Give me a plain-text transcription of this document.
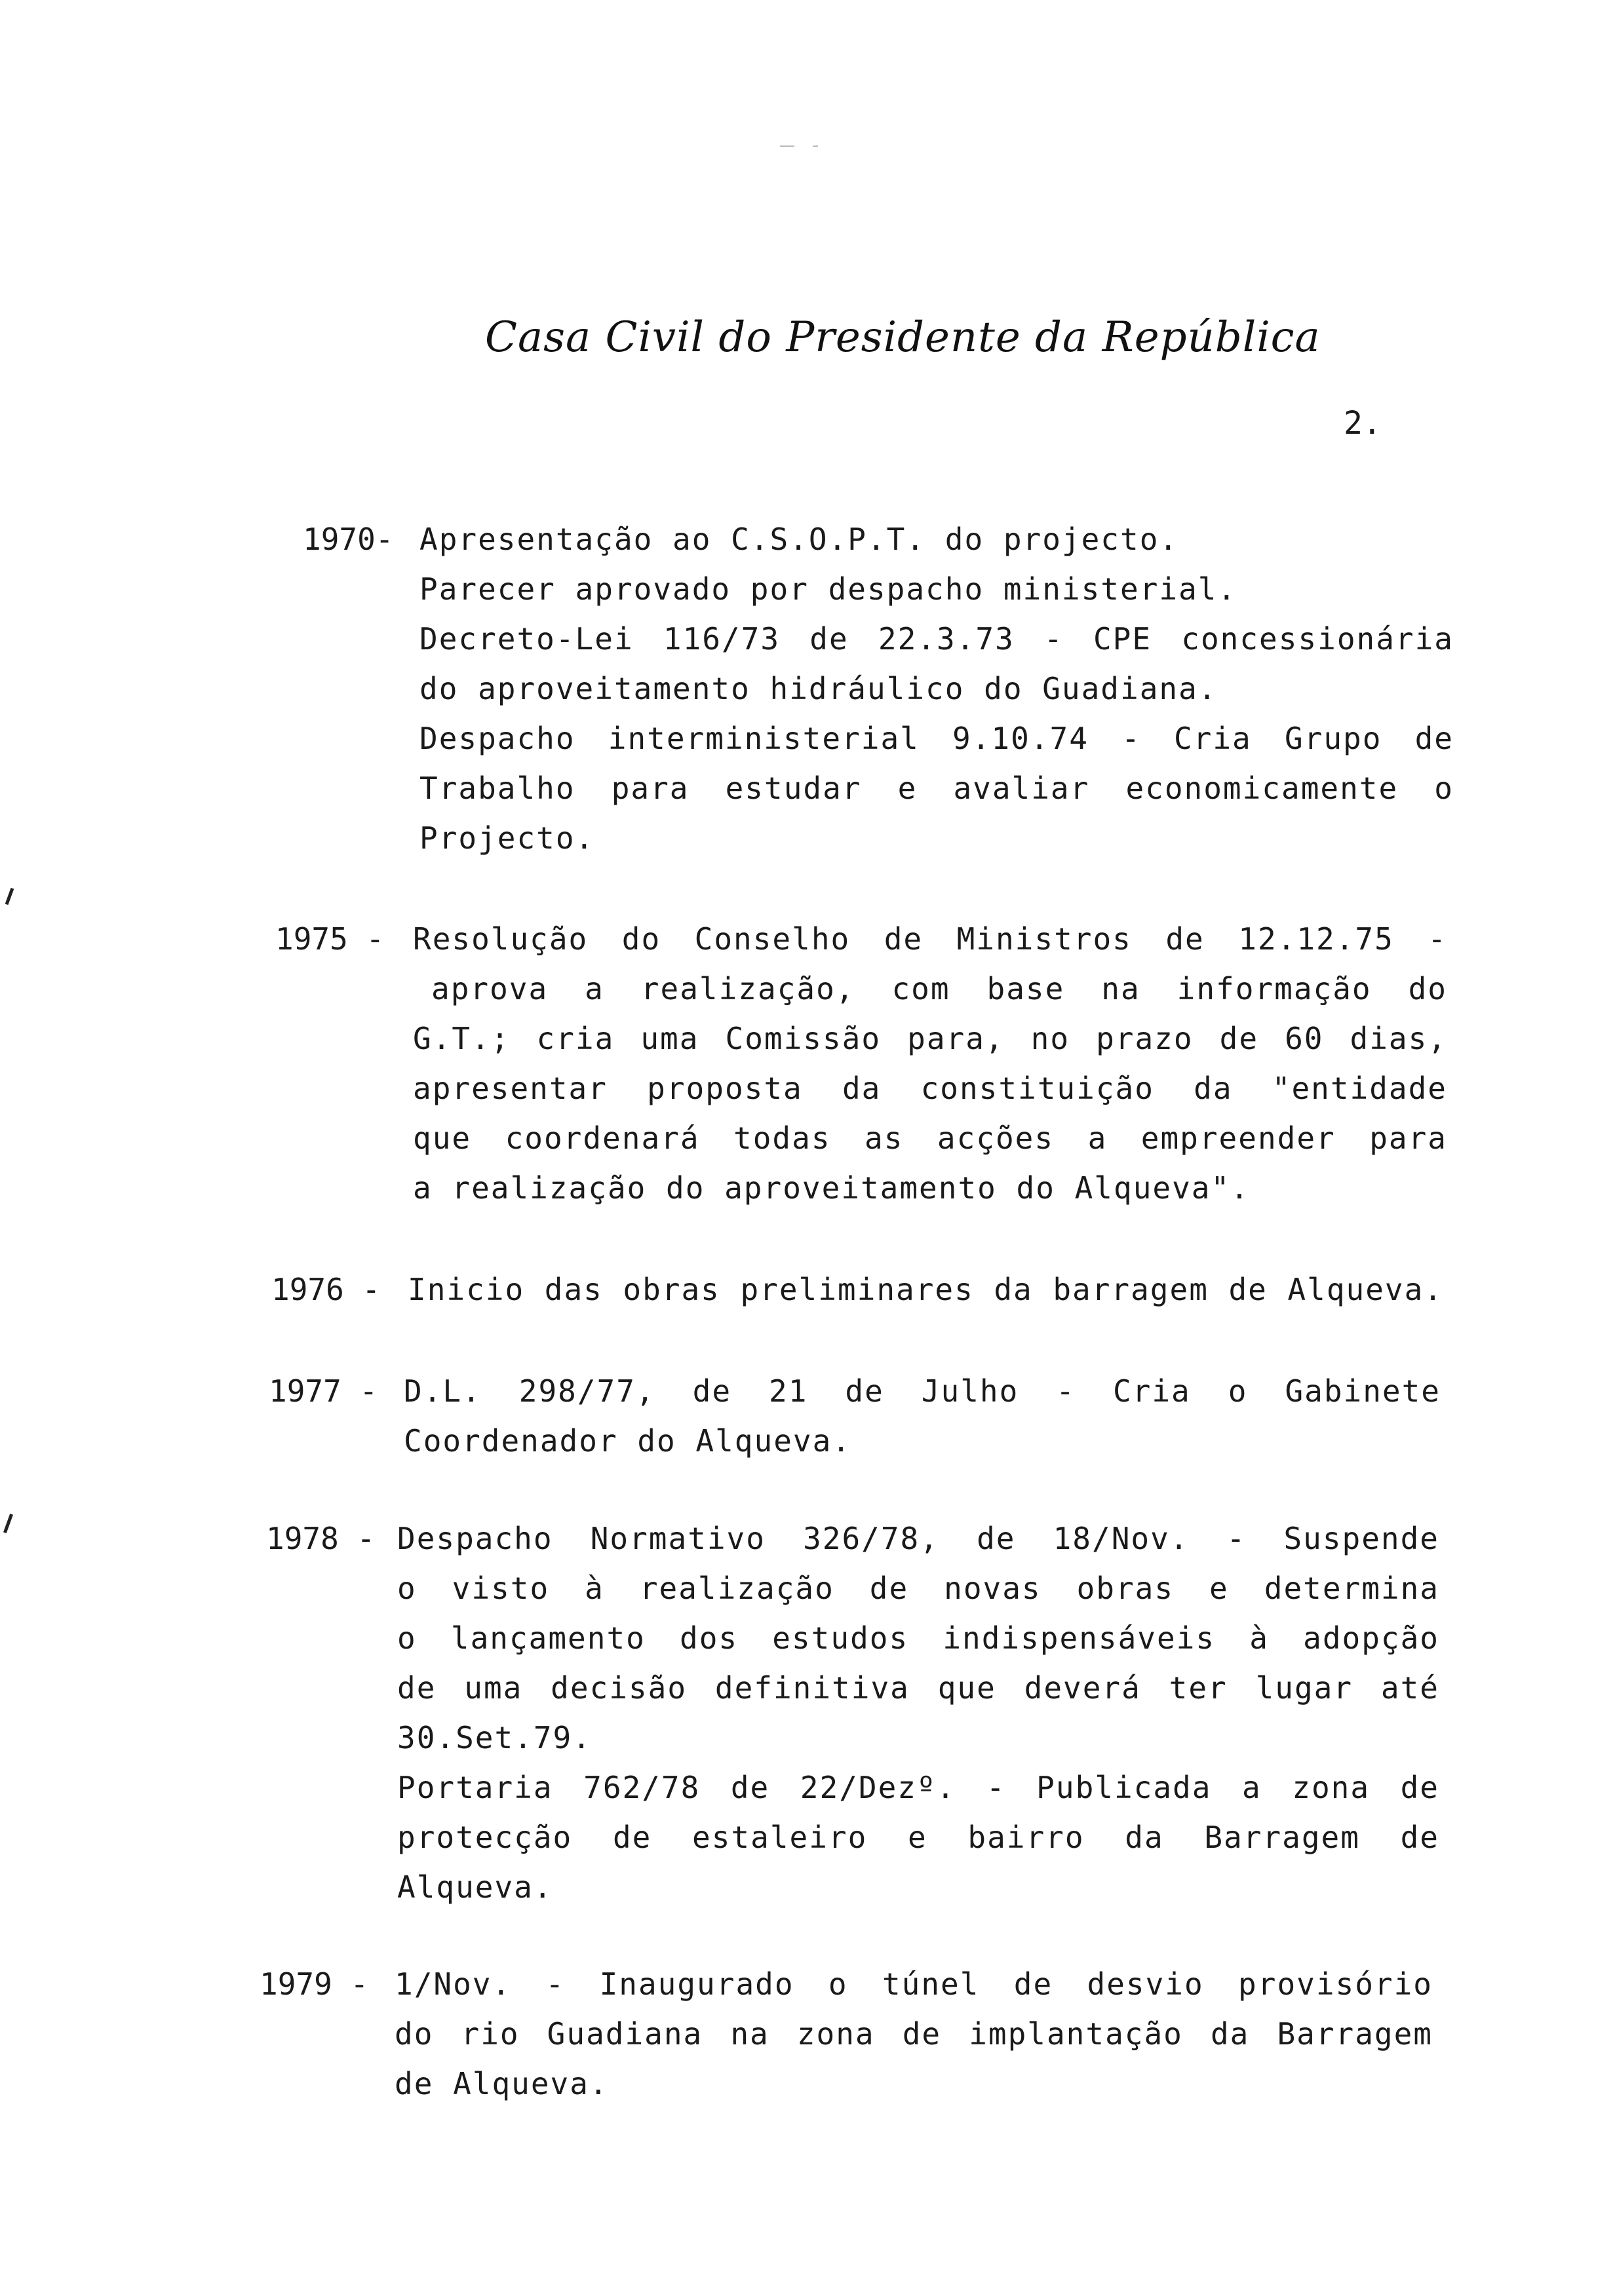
Casa Civil do Presidente da República
2.
1970- Apresentação ao C.S.O.P.T. do projecto.
Parecer aprovado por despacho ministerial.
Decreto-Lei 116/73 de 22.3.73 - CPE concessionária
do aproveitamento hidráulico do Guadiana.
Despacho interministerial 9.10.74 - Cria Grupo de
Trabalho para estudar e avaliar economicamente o
Projecto.
1975 - Resolução do Conselho de Ministros de 12.12.75 -
aprova a realização, com base na informação do
G.T.; cria uma Comissão para, no prazo de 60 dias,
apresentar proposta da constituição da "entidade
que coordenará todas as acções a empreender para
a realização do aproveitamento do Alqueva".
1976 - Inicio das obras preliminares da barragem de Alqueva.
1977 - D.L. 298/77, de 21 de Julho - Cria o Gabinete
Coordenador do Alqueva.
1978 - Despacho Normativo 326/78, de 18/Nov. - Suspende
o visto à realização de novas obras e determina
o lançamento dos estudos indispensáveis à adopção
de uma decisão definitiva que deverá ter lugar até
30.Set.79.
Portaria 762/78 de 22/Dezº. - Publicada a zona de
protecção de estaleiro e bairro da Barragem de
Alqueva.
1979 - 1/Nov. - Inaugurado o túnel de desvio provisório
do rio Guadiana na zona de implantação da Barragem
de Alqueva.
